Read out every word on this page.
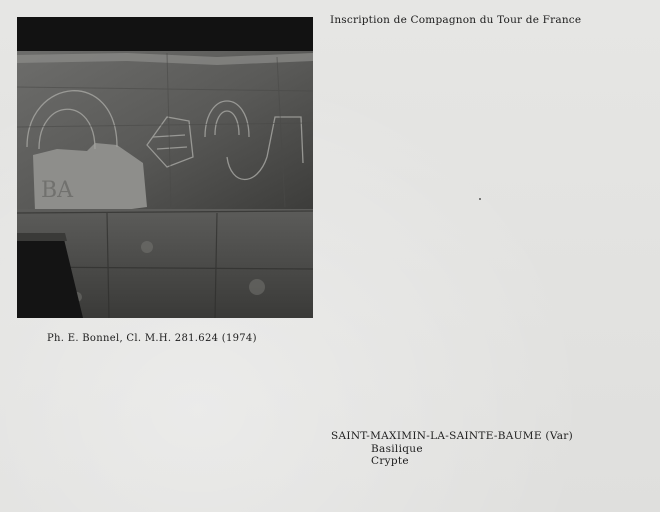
BA
Inscription de Compagnon du Tour de France
Ph. E. Bonnel, Cl. M.H. 281.624 (1974)
SAINT-MAXIMIN-LA-SAINTE-BAUME (Var)
Basilique
Crypte
